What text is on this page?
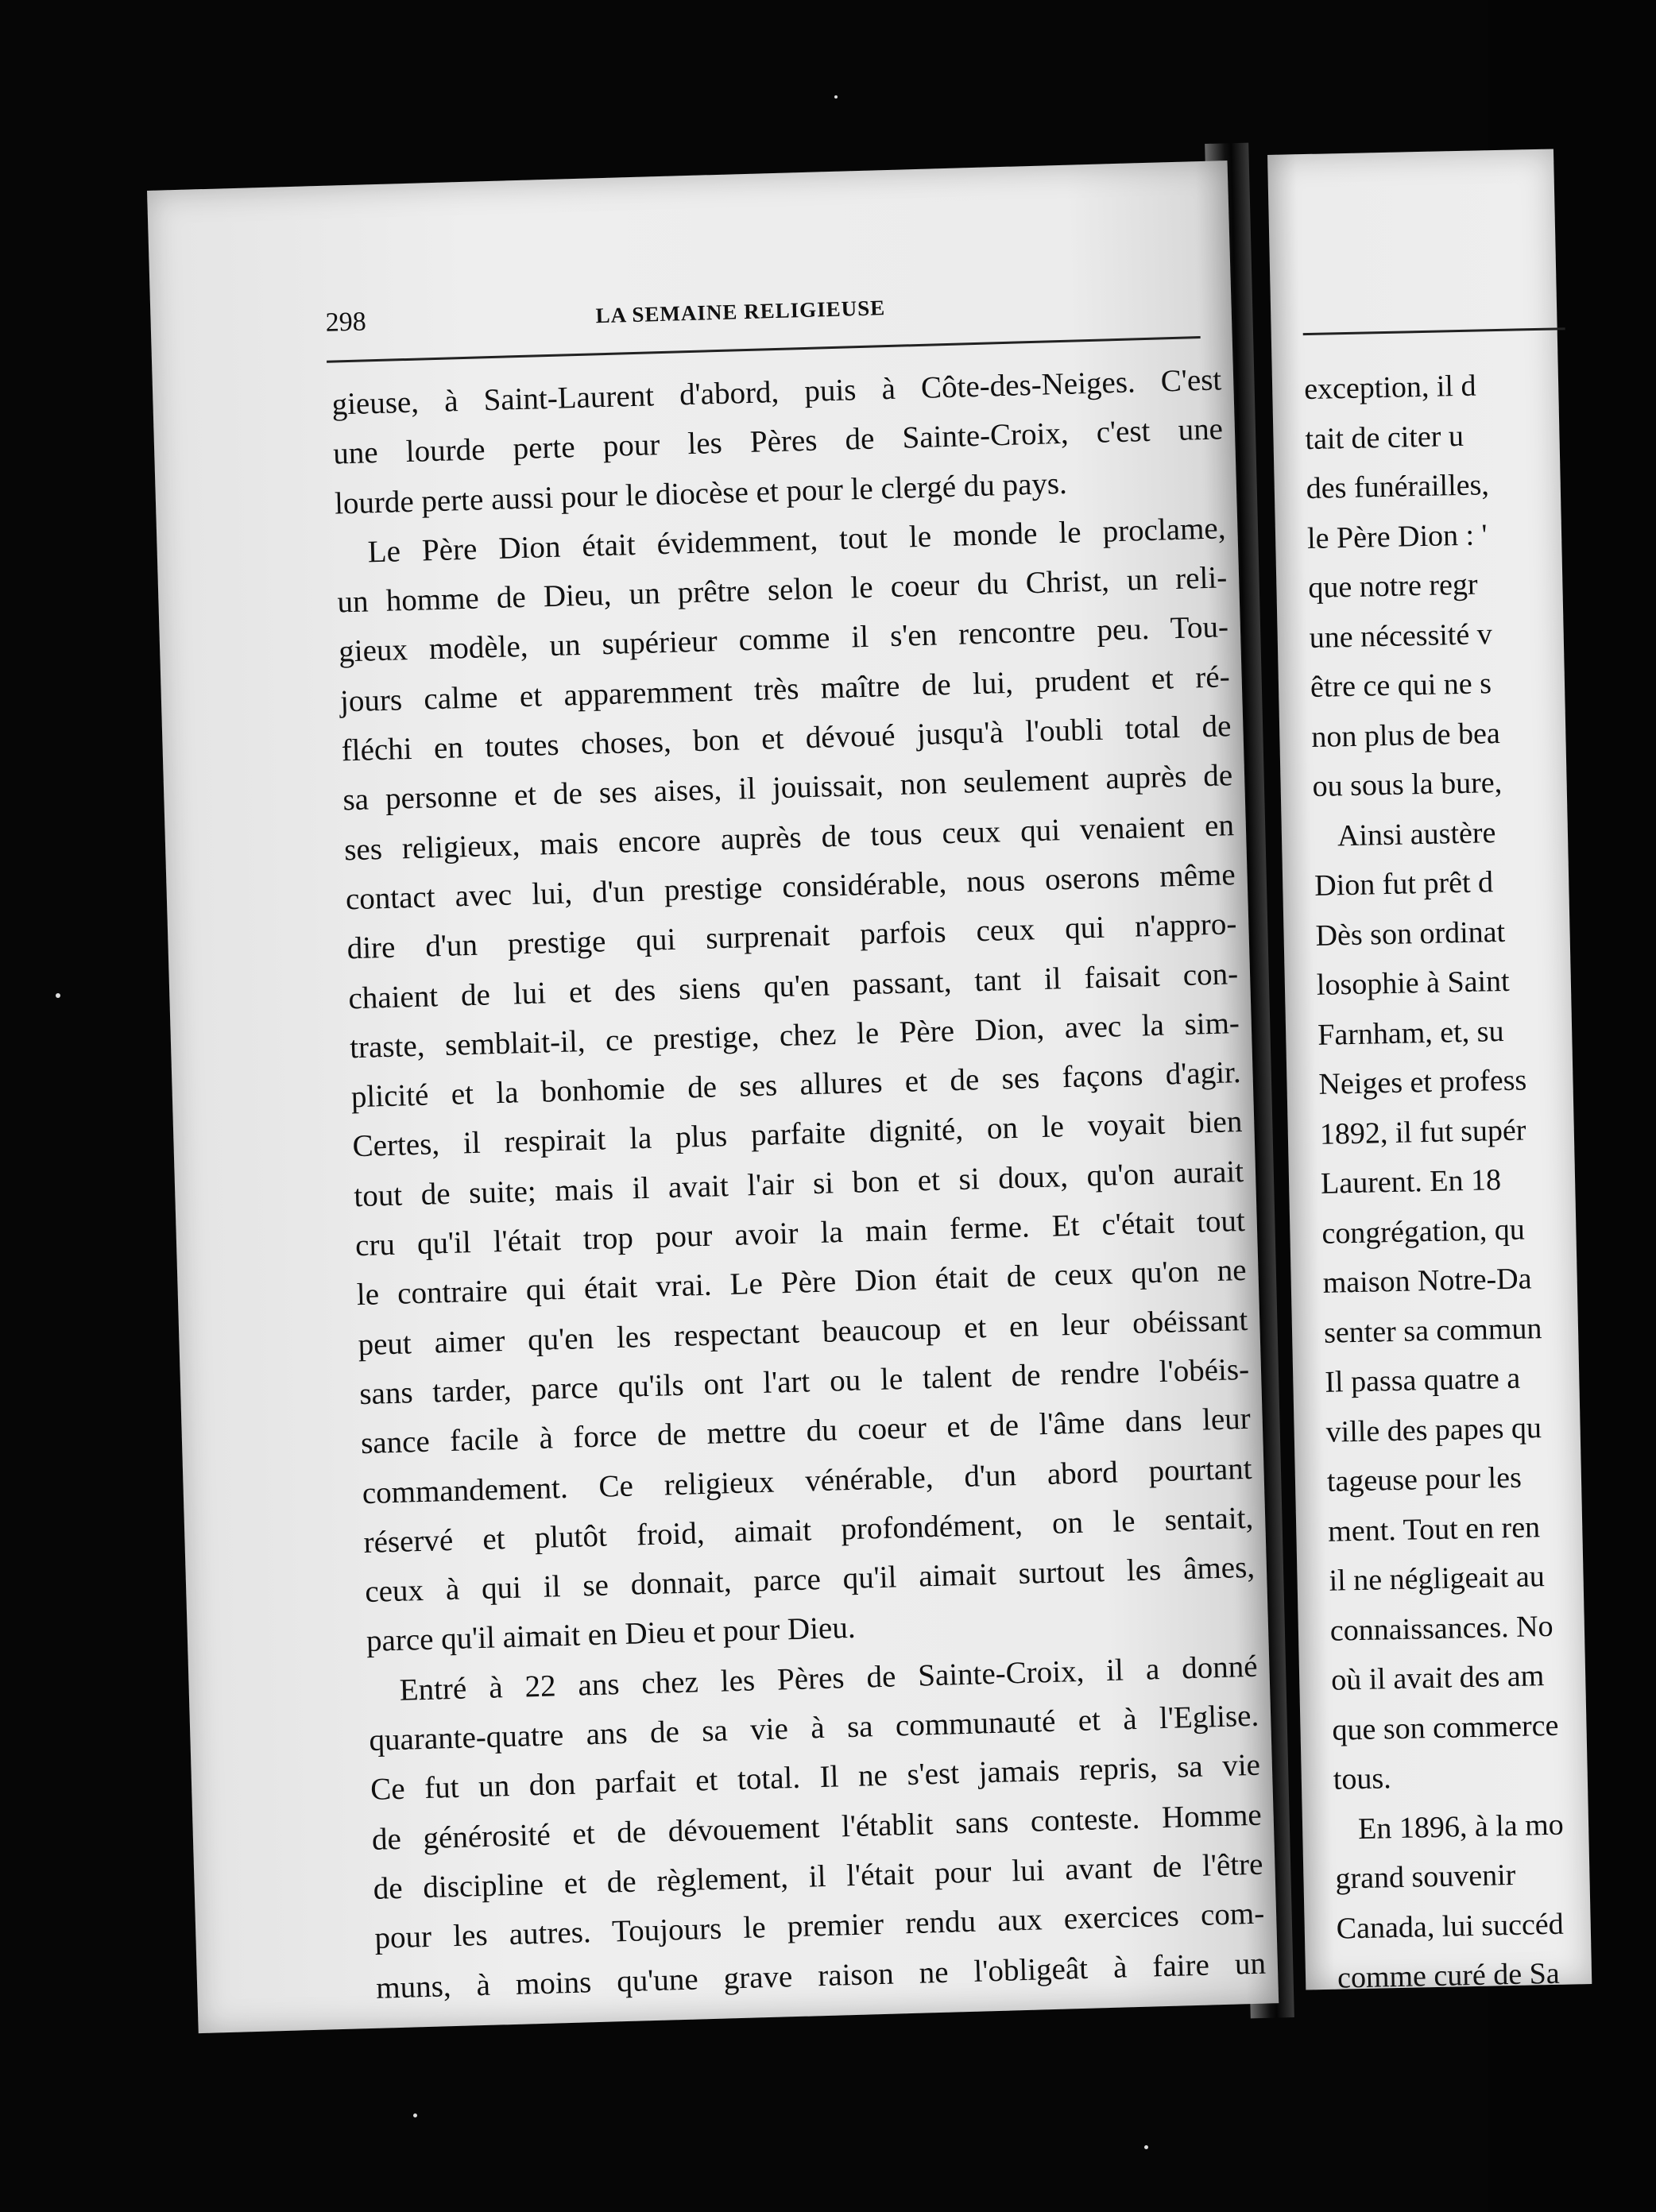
298	LA SEMAINE RELIGIEUSE
gieuse, à Saint-Laurent d'abord, puis à Côte-des-Neiges. C'est
une lourde perte pour les Pères de Sainte-Croix, c'est une
lourde perte aussi pour le diocèse et pour le clergé du pays.
Le Père Dion était évidemment, tout le monde le proclame,
un homme de Dieu, un prêtre selon le coeur du Christ, un reli-
gieux modèle, un supérieur comme il s'en rencontre peu. Tou-
jours calme et apparemment très maître de lui, prudent et ré-
fléchi en toutes choses, bon et dévoué jusqu'à l'oubli total de
sa personne et de ses aises, il jouissait, non seulement auprès de
ses religieux, mais encore auprès de tous ceux qui venaient en
contact avec lui, d'un prestige considérable, nous oserons même
dire d'un prestige qui surprenait parfois ceux qui n'appro-
chaient de lui et des siens qu'en passant, tant il faisait con-
traste, semblait-il, ce prestige, chez le Père Dion, avec la sim-
plicité et la bonhomie de ses allures et de ses façons d'agir.
Certes, il respirait la plus parfaite dignité, on le voyait bien
tout de suite; mais il avait l'air si bon et si doux, qu'on aurait
cru qu'il l'était trop pour avoir la main ferme. Et c'était tout
le contraire qui était vrai. Le Père Dion était de ceux qu'on ne
peut aimer qu'en les respectant beaucoup et en leur obéissant
sans tarder, parce qu'ils ont l'art ou le talent de rendre l'obéis-
sance facile à force de mettre du coeur et de l'âme dans leur
commandement. Ce religieux vénérable, d'un abord pourtant
réservé et plutôt froid, aimait profondément, on le sentait,
ceux à qui il se donnait, parce qu'il aimait surtout les âmes,
parce qu'il aimait en Dieu et pour Dieu.
Entré à 22 ans chez les Pères de Sainte-Croix, il a donné
quarante-quatre ans de sa vie à sa communauté et à l'Eglise.
Ce fut un don parfait et total. Il ne s'est jamais repris, sa vie
de générosité et de dévouement l'établit sans conteste. Homme
de discipline et de règlement, il l'était pour lui avant de l'être
pour les autres. Toujours le premier rendu aux exercices com-
muns, à moins qu'une grave raison ne l'obligeât à faire un
exception, il d
tait de citer u
des funérailles,
le Père Dion : '
que notre regr
une nécessité v
être ce qui ne s
non plus de bea
ou sous la bure,
Ainsi austère
Dion fut prêt d
Dès son ordinat
losophie à Saint
Farnham, et, su
Neiges et profess
1892, il fut supér
Laurent. En 18
congrégation, qu
maison Notre-Da
senter sa commun
Il passa quatre a
ville des papes qu
tageuse pour les
ment. Tout en ren
il ne négligeait au
connaissances. No
où il avait des am
que son commerce
tous.
En 1896, à la mo
grand souvenir
Canada, lui succéd
comme curé de Sa
